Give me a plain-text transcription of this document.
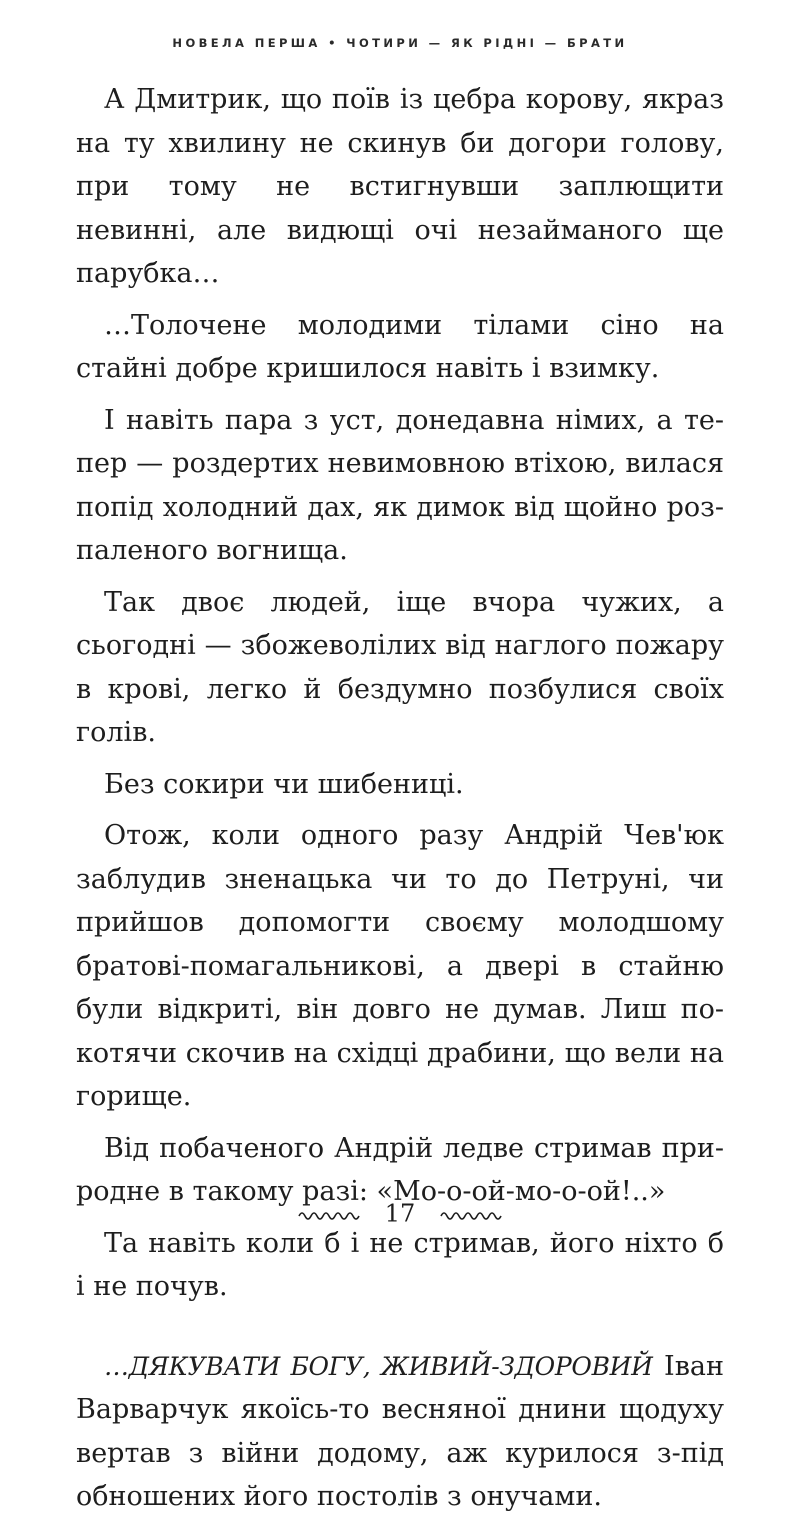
НОВЕЛА ПЕРША • ЧОТИРИ — ЯК РІДНІ — БРАТИ

А Дмитрик, що поїв із цебра корову, якраз на ту хвилину не скинув би догори голову, при тому не встигнувши заплющити невинні, але видющі очі незайманого ще парубка…

…Толочене молодими тілами сіно на стайні добре кришилося навіть і взимку.

І навіть пара з уст, донедавна німих, а тепер — роздертих невимовною втіхою, вилася попід холодний дах, як димок від щойно розпаленого вогнища.

Так двоє людей, іще вчора чужих, а сьогодні — збожеволілих від наглого пожару в крові, легко й бездумно позбулися своїх голів.

Без сокири чи шибениці.

Отож, коли одного разу Андрій Чев'юк заблудив зненацька чи то до Петруні, чи прийшов допомогти своєму молодшому братові-помагальникові, а двері в стайню були відкриті, він довго не думав. Лиш по-котячи скочив на східці драбини, що вели на горище.

Від побаченого Андрій ледве стримав природне в такому разі: «Мо-о-ой-мо-о-ой!..»

Та навіть коли б і не стримав, його ніхто б і не почув.

…ДЯКУВАТИ БОГУ, ЖИВИЙ-ЗДОРОВИЙ Іван Варварчук якоїсь-то весняної днини щодуху вертав з війни додому, аж курилося з-під обношених його постолів з онучами.

17
